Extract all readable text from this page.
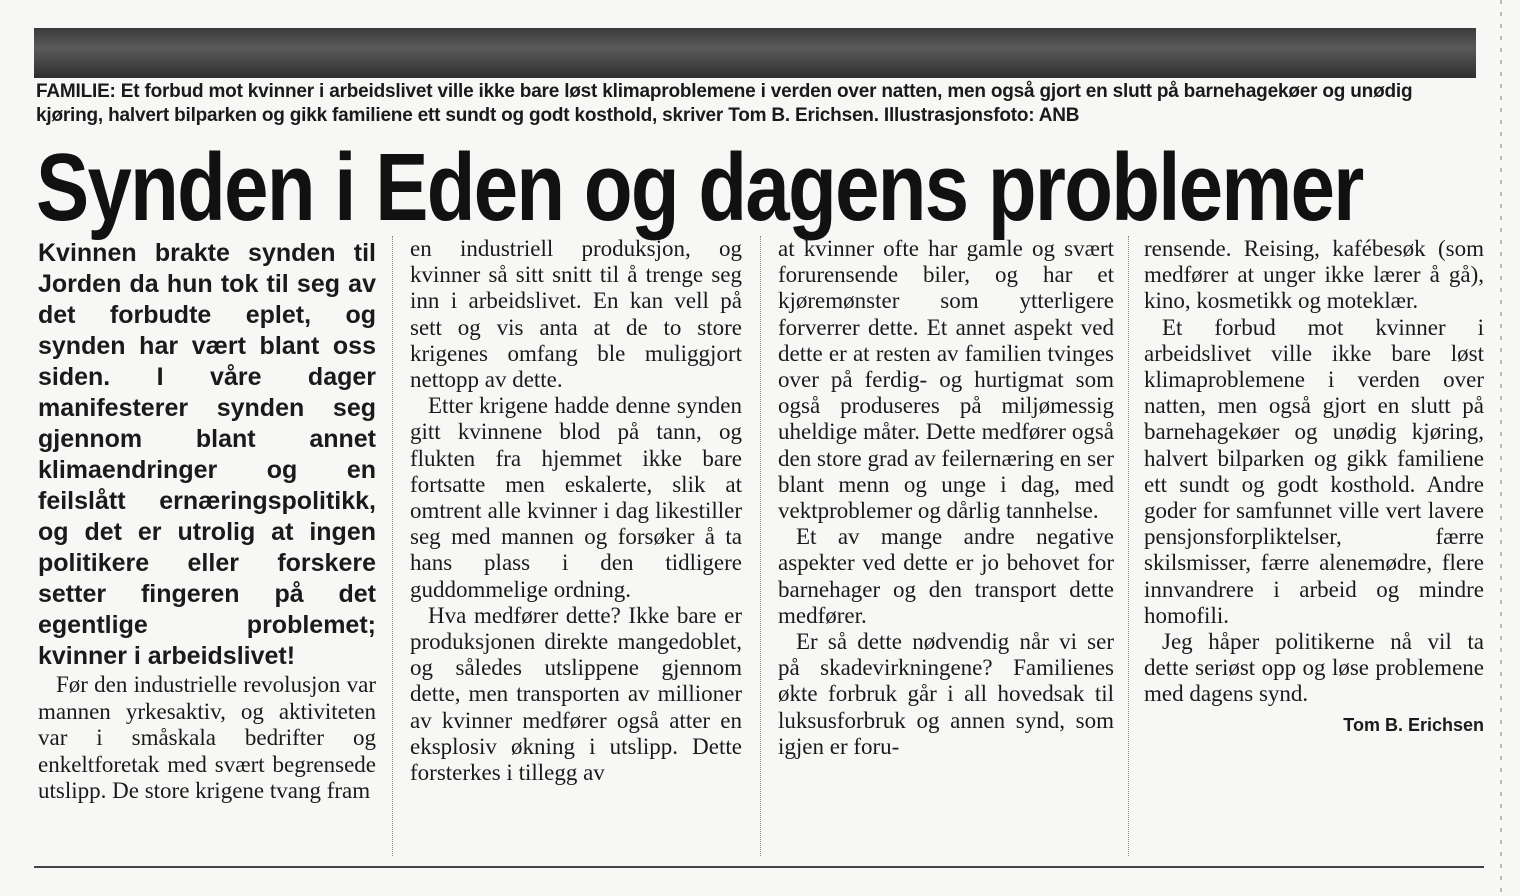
FAMILIE: Et forbud mot kvinner i arbeidslivet ville ikke bare løst klimaproblemene i verden over natten, men også gjort en slutt på barnehagekøer og unødig kjøring, halvert bilparken og gikk familiene ett sundt og godt kosthold, skriver Tom B. Erichsen. Illustrasjonsfoto: ANB
Synden i Eden og dagens problemer

Kvinnen brakte synden til Jorden da hun tok til seg av det forbudte eplet, og synden har vært blant oss siden. I våre dager manifesterer synden seg gjennom blant annet klimaendringer og en feilslått ernæringspolitikk, og det er utrolig at ingen politikere eller forskere setter fingeren på det egentlige problemet; kvinner i arbeidslivet!

Før den industrielle revolusjon var mannen yrkesaktiv, og aktiviteten var i småskala bedrifter og enkeltforetak med svært begrensede utslipp. De store krigene tvang fram

en industriell produksjon, og kvinner så sitt snitt til å trenge seg inn i arbeidslivet. En kan vell på sett og vis anta at de to store krigenes omfang ble muliggjort nettopp av dette.

Etter krigene hadde denne synden gitt kvinnene blod på tann, og flukten fra hjemmet ikke bare fortsatte men eskalerte, slik at omtrent alle kvinner i dag likestiller seg med mannen og forsøker å ta hans plass i den tidligere guddommelige ordning.

Hva medfører dette? Ikke bare er produksjonen direkte mangedoblet, og således utslippene gjennom dette, men transporten av millioner av kvinner medfører også atter en eksplosiv økning i utslipp. Dette forsterkes i tillegg av

at kvinner ofte har gamle og svært forurensende biler, og har et kjøremønster som ytterligere forverrer dette. Et annet aspekt ved dette er at resten av familien tvinges over på ferdig- og hurtigmat som også produseres på miljømessig uheldige måter. Dette medfører også den store grad av feilernæring en ser blant menn og unge i dag, med vektproblemer og dårlig tannhelse.

Et av mange andre negative aspekter ved dette er jo behovet for barnehager og den transport dette medfører.

Er så dette nødvendig når vi ser på skadevirkningene? Familienes økte forbruk går i all hovedsak til luksusforbruk og annen synd, som igjen er foru-

rensende. Reising, kafébesøk (som medfører at unger ikke lærer å gå), kino, kosmetikk og moteklær.

Et forbud mot kvinner i arbeidslivet ville ikke bare løst klimaproblemene i verden over natten, men også gjort en slutt på barnehagekøer og unødig kjøring, halvert bilparken og gikk familiene ett sundt og godt kosthold. Andre goder for samfunnet ville vert lavere pensjonsforpliktelser, færre skilsmisser, færre alenemødre, flere innvandrere i arbeid og mindre homofili.

Jeg håper politikerne nå vil ta dette seriøst opp og løse problemene med dagens synd.

Tom B. Erichsen
